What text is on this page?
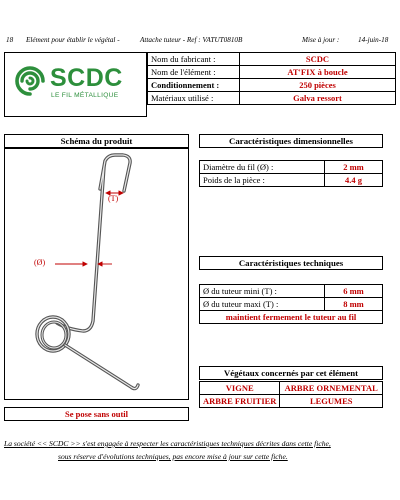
18 Elément pour établir le végétal -	Attache tuteur - Ref : VATUT0810B	Mise à jour :	14-juin-18
SCDC
LE FIL MÉTALLIQUE
Nom du fabricant :	SCDC
Nom de l'élément :	AT'FIX à boucle
Conditionnement :	250 pièces
Matériaux utilisé :	Galva ressort
Schéma du produit
(T)
(Ø)
Se pose sans outil
Caractéristiques dimensionnelles
Diamètre du fil (Ø) :	2 mm
Poids de la pièce :	4.4 g
Caractéristiques techniques
Ø du tuteur mini (T) :	6 mm
Ø du tuteur maxi (T) :	8 mm
maintient fermement le tuteur au fil	
Végétaux concernés par cet élément
VIGNE	ARBRE ORNEMENTAL
ARBRE FRUITIER	LEGUMES
La société << SCDC >> s'est engagée à respecter les caractéristiques techniques décrites dans cette fiche,
sous réserve d'évolutions techniques, pas encore mise à jour sur cette fiche.
